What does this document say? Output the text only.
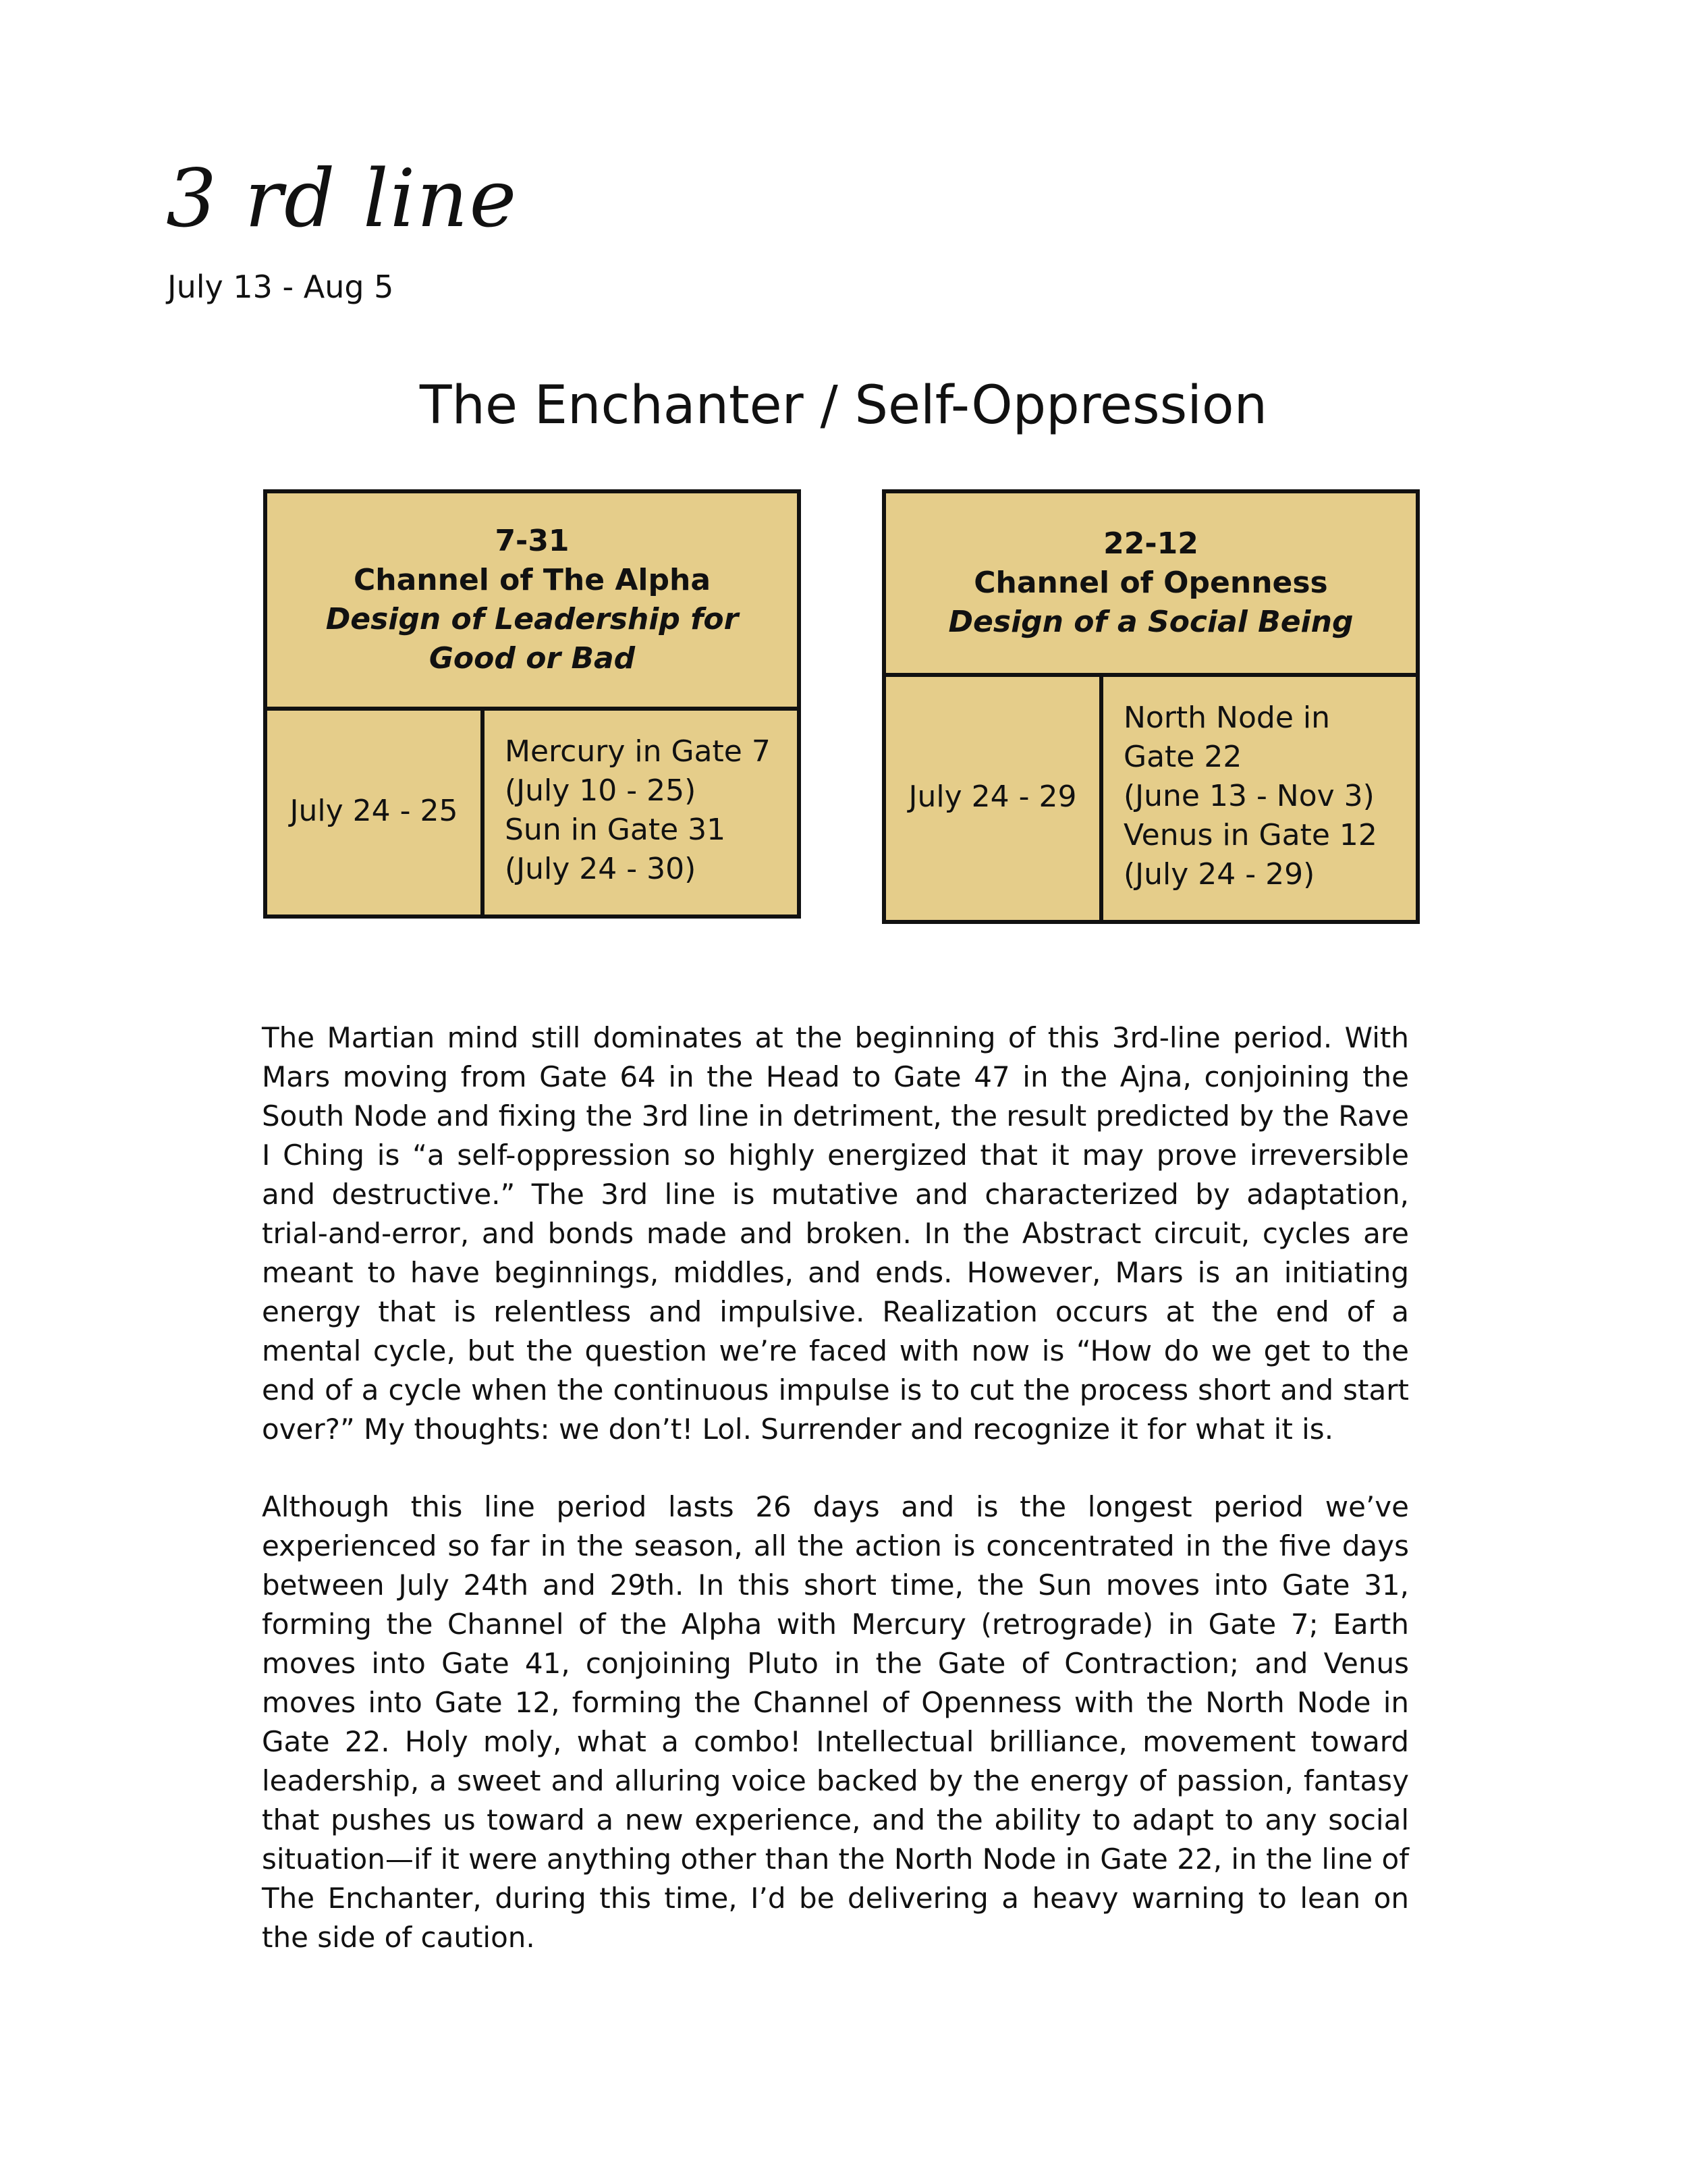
3 rd line
July 13 - Aug 5
The Enchanter / Self-Oppression
7-31
Channel of The Alpha
Design of Leadership for Good or Bad
July 24 - 25
Mercury in Gate 7
(July 10 - 25)
Sun in Gate 31
(July 24 - 30)
22-12
Channel of Openness
Design of a Social Being
July 24 - 29
North Node in
Gate 22
(June 13 - Nov 3)
Venus in Gate 12
(July 24 - 29)

The Martian mind still dominates at the beginning of this 3rd-line period. With Mars moving from Gate 64 in the Head to Gate 47 in the Ajna, conjoining the South Node and fixing the 3rd line in detriment, the result predicted by the Rave I Ching is “a self-oppression so highly energized that it may prove irreversible and destructive.” The 3rd line is mutative and characterized by adaptation, trial-and-error, and bonds made and broken. In the Abstract circuit, cycles are meant to have beginnings, middles, and ends. However, Mars is an initiating energy that is relentless and impulsive. Realization occurs at the end of a mental cycle, but the question we’re faced with now is “How do we get to the end of a cycle when the continuous impulse is to cut the process short and start over?” My thoughts: we don’t! Lol. Surrender and recognize it for what it is.

Although this line period lasts 26 days and is the longest period we’ve experienced so far in the season, all the action is concentrated in the five days between July 24th and 29th. In this short time, the Sun moves into Gate 31, forming the Channel of the Alpha with Mercury (retrograde) in Gate 7; Earth moves into Gate 41, conjoining Pluto in the Gate of Contraction; and Venus moves into Gate 12, forming the Channel of Openness with the North Node in Gate 22. Holy moly, what a combo! Intellectual brilliance, movement toward leadership, a sweet and alluring voice backed by the energy of passion, fantasy that pushes us toward a new experience, and the ability to adapt to any social situation—if it were anything other than the North Node in Gate 22, in the line of The Enchanter, during this time, I’d be delivering a heavy warning to lean on the side of caution.
